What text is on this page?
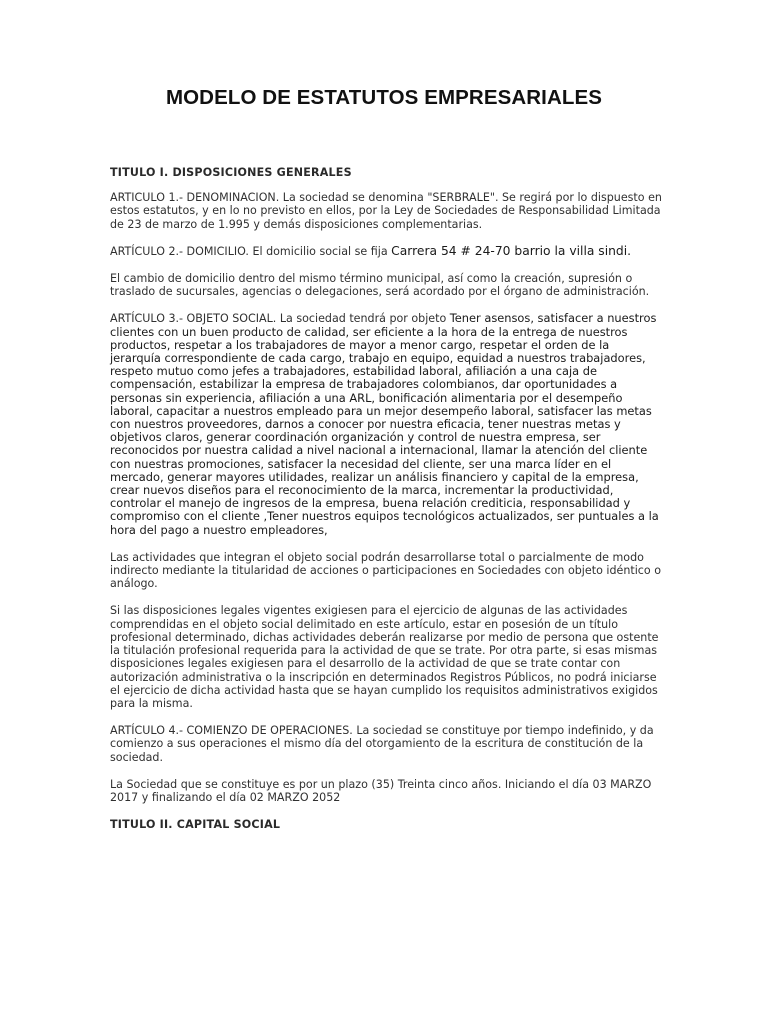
MODELO DE ESTATUTOS EMPRESARIALES
TITULO I. DISPOSICIONES GENERALES

ARTICULO 1.- DENOMINACION. La sociedad se denomina "SERBRALE". Se regirá por lo dispuesto en estos estatutos, y en lo no previsto en ellos, por la Ley de Sociedades de Responsabilidad Limitada de 23 de marzo de 1.995 y demás disposiciones complementarias.

ARTÍCULO 2.- DOMICILIO. El domicilio social se fija Carrera 54 # 24-70 barrio la villa sindi.

El cambio de domicilio dentro del mismo término municipal, así como la creación, supresión o traslado de sucursales, agencias o delegaciones, será acordado por el órgano de administración.

ARTÍCULO 3.- OBJETO SOCIAL. La sociedad tendrá por objeto Tener asensos, satisfacer a nuestros clientes con un buen producto de calidad, ser eficiente a la hora de la entrega de nuestros productos, respetar a los trabajadores de mayor a menor cargo, respetar el orden de la jerarquía correspondiente de cada cargo, trabajo en equipo, equidad a nuestros trabajadores, respeto mutuo como jefes a trabajadores, estabilidad laboral, afiliación a una caja de compensación, estabilizar la empresa de trabajadores colombianos, dar oportunidades a personas sin experiencia, afiliación a una ARL, bonificación alimentaria por el desempeño laboral, capacitar a nuestros empleado para un mejor desempeño laboral, satisfacer las metas con nuestros proveedores, darnos a conocer por nuestra eficacia, tener nuestras metas y objetivos claros, generar coordinación organización y control de nuestra empresa, ser reconocidos por nuestra calidad a nivel nacional a internacional, llamar la atención del cliente con nuestras promociones, satisfacer la necesidad del cliente, ser una marca líder en el mercado, generar mayores utilidades, realizar un análisis financiero y capital de la empresa, crear nuevos diseños para el reconocimiento de la marca, incrementar la productividad, controlar el manejo de ingresos de la empresa, buena relación crediticia, responsabilidad y compromiso con el cliente ,Tener nuestros equipos tecnológicos actualizados, ser puntuales a la hora del pago a nuestro empleadores,

Las actividades que integran el objeto social podrán desarrollarse total o parcialmente de modo indirecto mediante la titularidad de acciones o participaciones en Sociedades con objeto idéntico o análogo.

Si las disposiciones legales vigentes exigiesen para el ejercicio de algunas de las actividades comprendidas en el objeto social delimitado en este artículo, estar en posesión de un título profesional determinado, dichas actividades deberán realizarse por medio de persona que ostente la titulación profesional requerida para la actividad de que se trate. Por otra parte, si esas mismas disposiciones legales exigiesen para el desarrollo de la actividad de que se trate contar con autorización administrativa o la inscripción en determinados Registros Públicos, no podrá iniciarse el ejercicio de dicha actividad hasta que se hayan cumplido los requisitos administrativos exigidos para la misma.

ARTÍCULO 4.- COMIENZO DE OPERACIONES. La sociedad se constituye por tiempo indefinido, y da comienzo a sus operaciones el mismo día del otorgamiento de la escritura de constitución de la sociedad.

La Sociedad que se constituye es por un plazo (35) Treinta cinco años. Iniciando el día 03 MARZO 2017 y finalizando el día 02 MARZO 2052

TITULO II. CAPITAL SOCIAL
